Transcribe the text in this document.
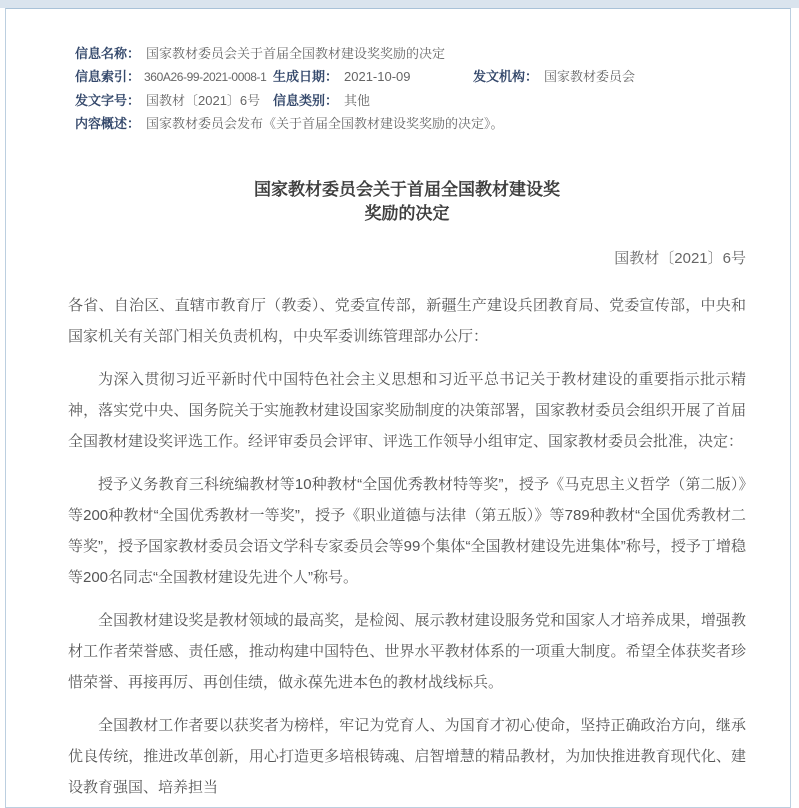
信息名称： 国家教材委员会关于首届全国教材建设奖奖励的决定
信息索引： 360A26-99-2021-0008-1 生成日期： 2021-10-09	发文机构： 国家教材委员会
发文字号： 国教材〔2021〕6号 信息类别： 其他
内容概述： 国家教材委员会发布《关于首届全国教材建设奖奖励的决定》。
国家教材委员会关于首届全国教材建设奖
奖励的决定
国教材〔2021〕6号

各省、自治区、直辖市教育厅（教委）、党委宣传部，新疆生产建设兵团教育局、党委宣传部，中央和国家机关有关部门相关负责机构，中央军委训练管理部办公厅：

为深入贯彻习近平新时代中国特色社会主义思想和习近平总书记关于教材建设的重要指示批示精神，落实党中央、国务院关于实施教材建设国家奖励制度的决策部署，国家教材委员会组织开展了首届全国教材建设奖评选工作。经评审委员会评审、评选工作领导小组审定、国家教材委员会批准，决定：

授予义务教育三科统编教材等10种教材“全国优秀教材特等奖”，授予《马克思主义哲学（第二版）》等200种教材“全国优秀教材一等奖”，授予《职业道德与法律（第五版）》等789种教材“全国优秀教材二等奖”，授予国家教材委员会语文学科专家委员会等99个集体“全国教材建设先进集体”称号，授予丁增稳等200名同志“全国教材建设先进个人”称号。

全国教材建设奖是教材领域的最高奖，是检阅、展示教材建设服务党和国家人才培养成果，增强教材工作者荣誉感、责任感，推动构建中国特色、世界水平教材体系的一项重大制度。希望全体获奖者珍惜荣誉、再接再厉、再创佳绩，做永葆先进本色的教材战线标兵。

全国教材工作者要以获奖者为榜样，牢记为党育人、为国育才初心使命，坚持正确政治方向，继承优良传统，推进改革创新，用心打造更多培根铸魂、启智增慧的精品教材，为加快推进教育现代化、建设教育强国、培养担当
